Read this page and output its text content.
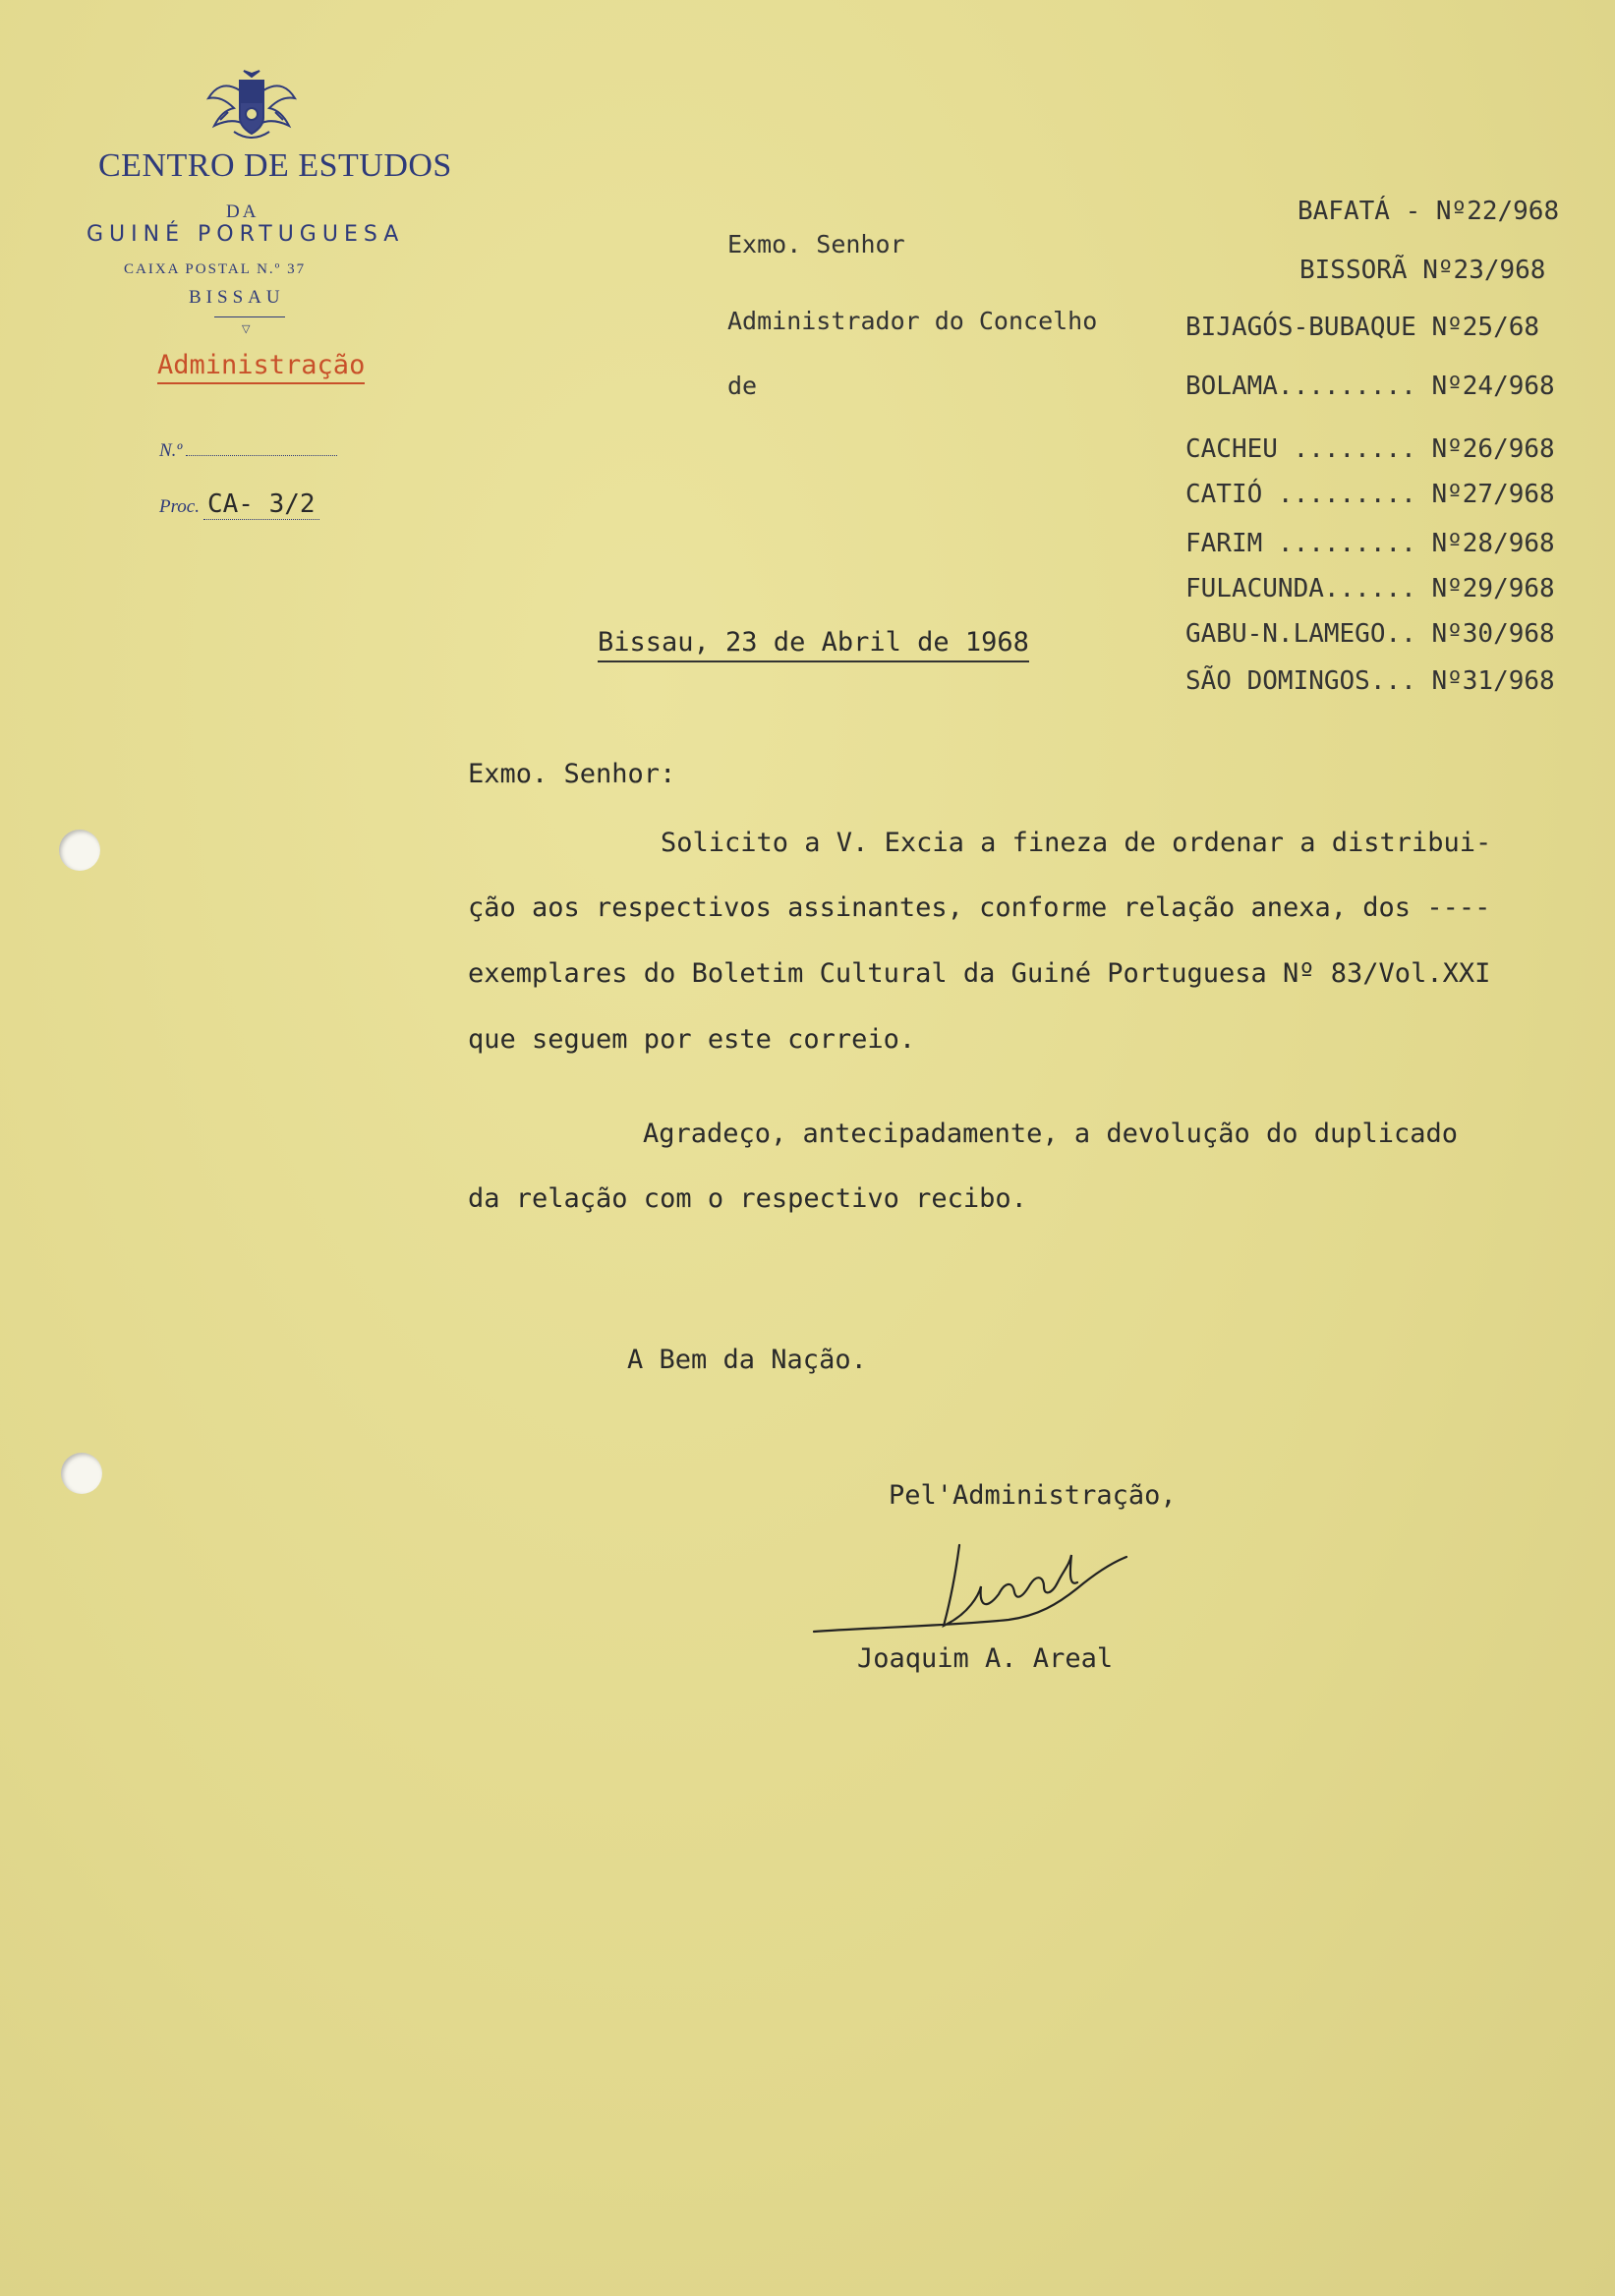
CENTRO DE ESTUDOS
DA
GUINÉ PORTUGUESA
CAIXA POSTAL N.º 37
BISSAU
▽
Administração
N.º
Proc. CA- 3/2
Exmo. Senhor
Administrador do Concelho
de
BAFATÁ - Nº22/968
BISSORÃ Nº23/968
BIJAGÓS-BUBAQUE Nº25/68
BOLAMA......... Nº24/968
CACHEU ........ Nº26/968
CATIÓ ......... Nº27/968
FARIM ......... Nº28/968
FULACUNDA...... Nº29/968
GABU-N.LAMEGO.. Nº30/968
SÃO DOMINGOS... Nº31/968
Bissau, 23 de Abril de 1968
Exmo. Senhor:
Solicito a V. Excia a fineza de ordenar a distribui-
ção aos respectivos assinantes, conforme relação anexa, dos ----
exemplares do Boletim Cultural da Guiné Portuguesa Nº 83/Vol.XXI
que seguem por este correio.
Agradeço, antecipadamente, a devolução do duplicado
da relação com o respectivo recibo.
A Bem da Nação.
Pel'Administração,
Joaquim A. Areal
